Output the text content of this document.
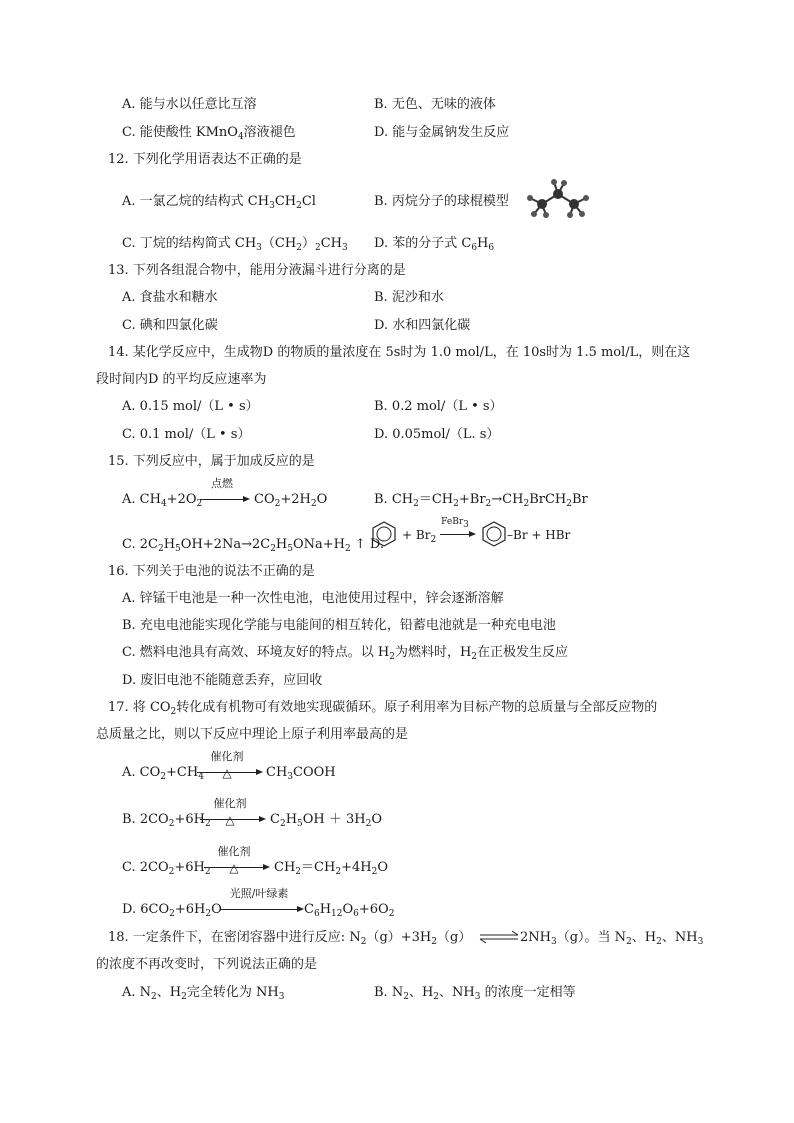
A. 能与水以任意比互溶	B. 无色、无味的液体
C. 能使酸性 KMnO$_4$溶液褪色	D. 能与金属钠发生反应
12. 下列化学用语表达不正确的是
A. 一氯乙烷的结构式 $CH_3CH_2Cl$	B. 丙烷分子的球棍模型
C. 丁烷的结构简式 $CH_3(CH_2)_2CH_3$ D. 苯的分子式 $C_6H_6$
13. 下列各组混合物中，能用分液漏斗进行分离的是
A. 食盐水和糖水	B. 泥沙和水
C. 碘和四氯化碳	D. 水和四氯化碳
14. 某化学反应中，生成物D 的物质的量浓度在 5s时为 1.0 mol/L，在 10s时为 1.5 mol/L，则在这
段时间内D 的平均反应速率为
A. 0.15 mol/（L • s）	B. 0.2 mol/（L • s）
C. 0.1 mol/（L • s）	D. 0.05mol/（L. s）
15. 下列反应中，属于加成反应的是
A. $CH_4+2O_2$
点燃
$CO_2+2H_2O$	B. $CH_2=CH_2+Br_2\to CH_2BrCH_2Br$
C. $2C_2H_5OH+2Na\to 2C_2H_5ONa+H_2$ ↑ D.
+ $Br_2$
FeBr$_3$
–Br + HBr
16. 下列关于电池的说法不正确的是
A. 锌锰干电池是一种一次性电池，电池使用过程中，锌会逐渐溶解
B. 充电电池能实现化学能与电能间的相互转化，铅蓄电池就是一种充电电池
C. 燃料电池具有高效、环境友好的特点。以 $H_2$为燃料时，$H_2$在正极发生反应
D. 废旧电池不能随意丢弃，应回收
17. 将 $CO_2$转化成有机物可有效地实现碳循环。原子利用率为目标产物的总质量与全部反应物的
总质量之比，则以下反应中理论上原子利用率最高的是
A. $CO_2+CH_4$
催化剂
△	$CH_3COOH$
B. $2CO_2+6H_2$
催化剂
△	$C_2H_5OH + 3H_2O$
C. $2CO_2+6H_2$
催化剂
△	$CH_2=CH_2+4H_2O$
D. $6CO_2+6H_2O$
光照/叶绿素
$C_6H_{12}O_6+6O_2$
18. 一定条件下，在密闭容器中进行反应: $N_2(g)+3H_2(g)$	$2NH_3(g)$。当 $N_2$、$H_2$、$NH_3$
的浓度不再改变时，下列说法正确的是
A. $N_2$、$H_2$完全转化为 $NH_3$	B. $N_2$、$H_2$、$NH_3$ 的浓度一定相等
